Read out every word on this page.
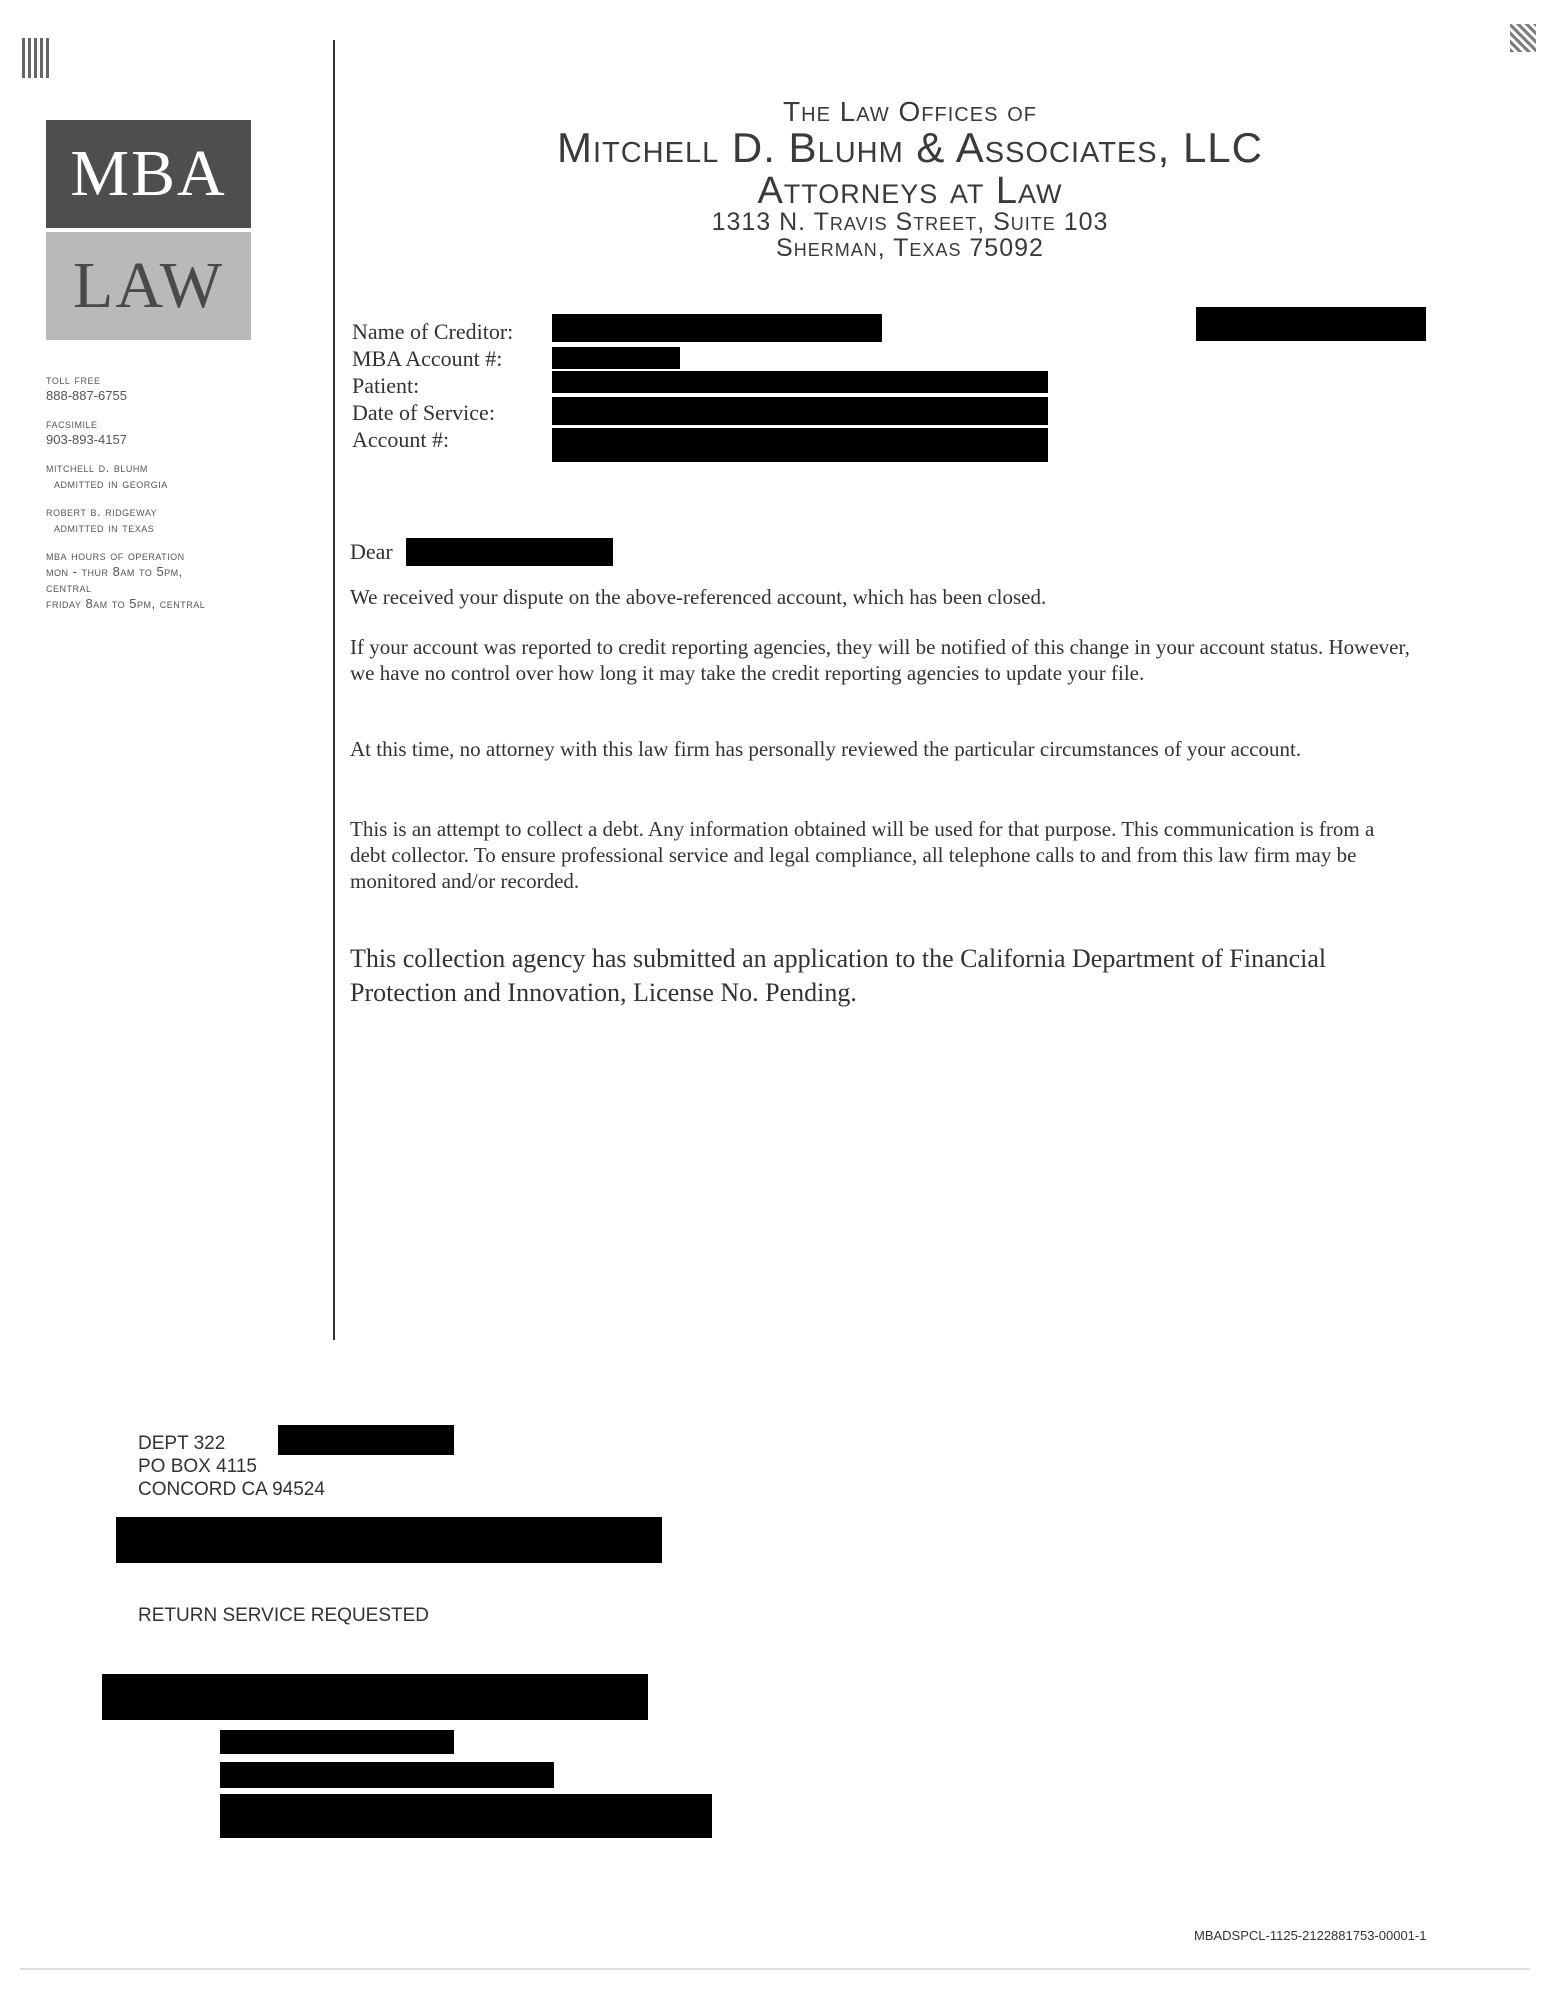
MBA
LAW
toll free
888-887-6755
facsimile
903-893-4157
mitchell d. bluhm
admitted in georgia
robert b. ridgeway
admitted in texas
mba hours of operation
mon - thur 8am to 5pm,
central
friday 8am to 5pm, central
The Law Offices of
Mitchell D. Bluhm & Associates, LLC
Attorneys at Law
1313 N. Travis Street, Suite 103
Sherman, Texas 75092
Name of Creditor:
MBA Account #:
Patient:
Date of Service:
Account #:
Dear
We received your dispute on the above-referenced account, which has been closed.
If your account was reported to credit reporting agencies, they will be notified of this change in your account status. However, we have no control over how long it may take the credit reporting agencies to update your file.
At this time, no attorney with this law firm has personally reviewed the particular circumstances of your account.
This is an attempt to collect a debt. Any information obtained will be used for that purpose. This communication is from a debt collector. To ensure professional service and legal compliance, all telephone calls to and from this law firm may be monitored and/or recorded.
This collection agency has submitted an application to the California Department of Financial Protection and Innovation, License No. Pending.
DEPT 322
PO BOX 4115
CONCORD CA 94524
RETURN SERVICE REQUESTED
MBADSPCL-1125-2122881753-00001-1
